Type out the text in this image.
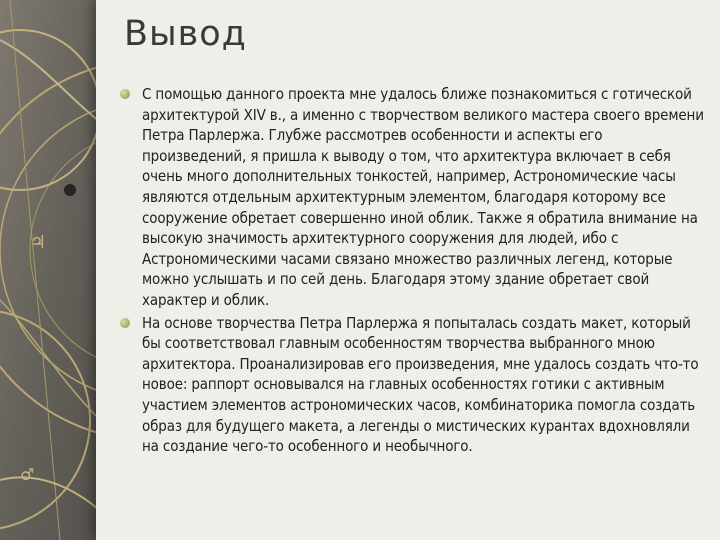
♃
♂
Вывод
С помощью данного проекта мне удалось ближе познакомиться с готической архитектурой XIV в., а именно с творчеством великого мастера своего времени Петра Парлержа. Глубже рассмотрев особенности и аспекты его произведений, я пришла к выводу о том, что архитектура включает в себя очень много дополнительных тонкостей, например, Астрономические часы являются отдельным архитектурным элементом, благодаря которому все сооружение обретает совершенно иной облик. Также я обратила внимание на высокую значимость архитектурного сооружения для людей, ибо с Астрономическими часами связано множество различных легенд, которые можно услышать и по сей день. Благодаря этому здание обретает свой характер и облик.
На основе творчества Петра Парлержа я попыталась создать макет, который бы соответствовал главным особенностям творчества выбранного мною архитектора. Проанализировав его произведения, мне удалось создать что-то новое: раппорт основывался на главных особенностях готики с активным участием элементов астрономических часов, комбинаторика помогла создать образ для будущего макета, а легенды о мистических курантах вдохновляли на создание чего-то особенного и необычного.
